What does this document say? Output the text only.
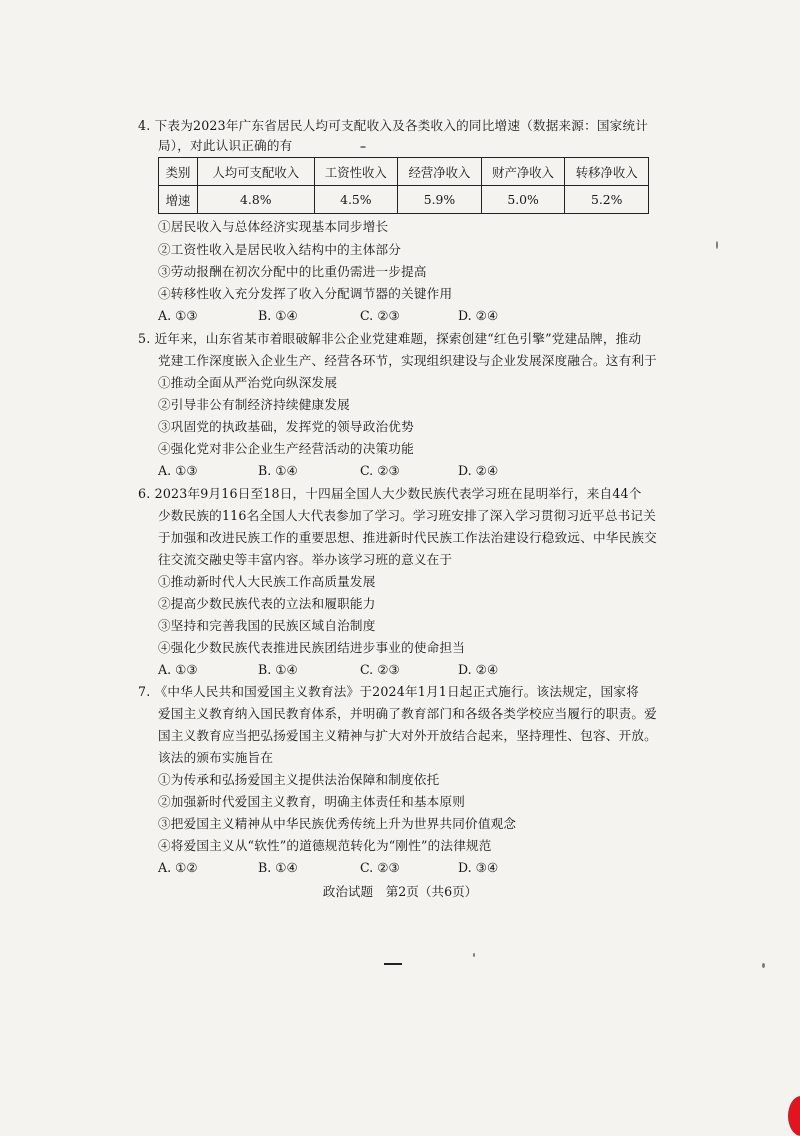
4. 下表为2023年广东省居民人均可支配收入及各类收入的同比增速（数据来源：国家统计
局），对此认识正确的有
类别	人均可支配收入	工资性收入	经营净收入	财产净收入	转移净收入
增速	4.8%	4.5%	5.9%	5.0%	5.2%
①居民收入与总体经济实现基本同步增长
②工资性收入是居民收入结构中的主体部分
③劳动报酬在初次分配中的比重仍需进一步提高
④转移性收入充分发挥了收入分配调节器的关键作用
A. ①③	B. ①④	C. ②③	D. ②④
5. 近年来，山东省某市着眼破解非公企业党建难题，探索创建“红色引擎”党建品牌，推动
党建工作深度嵌入企业生产、经营各环节，实现组织建设与企业发展深度融合。这有利于
①推动全面从严治党向纵深发展
②引导非公有制经济持续健康发展
③巩固党的执政基础，发挥党的领导政治优势
④强化党对非公企业生产经营活动的决策功能
A. ①③	B. ①④	C. ②③	D. ②④
6. 2023年9月16日至18日，十四届全国人大少数民族代表学习班在昆明举行，来自44个
少数民族的116名全国人大代表参加了学习。学习班安排了深入学习贯彻习近平总书记关
于加强和改进民族工作的重要思想、推进新时代民族工作法治建设行稳致远、中华民族交
往交流交融史等丰富内容。举办该学习班的意义在于
①推动新时代人大民族工作高质量发展
②提高少数民族代表的立法和履职能力
③坚持和完善我国的民族区域自治制度
④强化少数民族代表推进民族团结进步事业的使命担当
A. ①③	B. ①④	C. ②③	D. ②④
7. 《中华人民共和国爱国主义教育法》于2024年1月1日起正式施行。该法规定，国家将
爱国主义教育纳入国民教育体系，并明确了教育部门和各级各类学校应当履行的职责。爱
国主义教育应当把弘扬爱国主义精神与扩大对外开放结合起来，坚持理性、包容、开放。
该法的颁布实施旨在
①为传承和弘扬爱国主义提供法治保障和制度依托
②加强新时代爱国主义教育，明确主体责任和基本原则
③把爱国主义精神从中华民族优秀传统上升为世界共同价值观念
④将爱国主义从“软性”的道德规范转化为“刚性”的法律规范
A. ①②	B. ①④	C. ②③	D. ③④
政治试题　第2页（共6页）
